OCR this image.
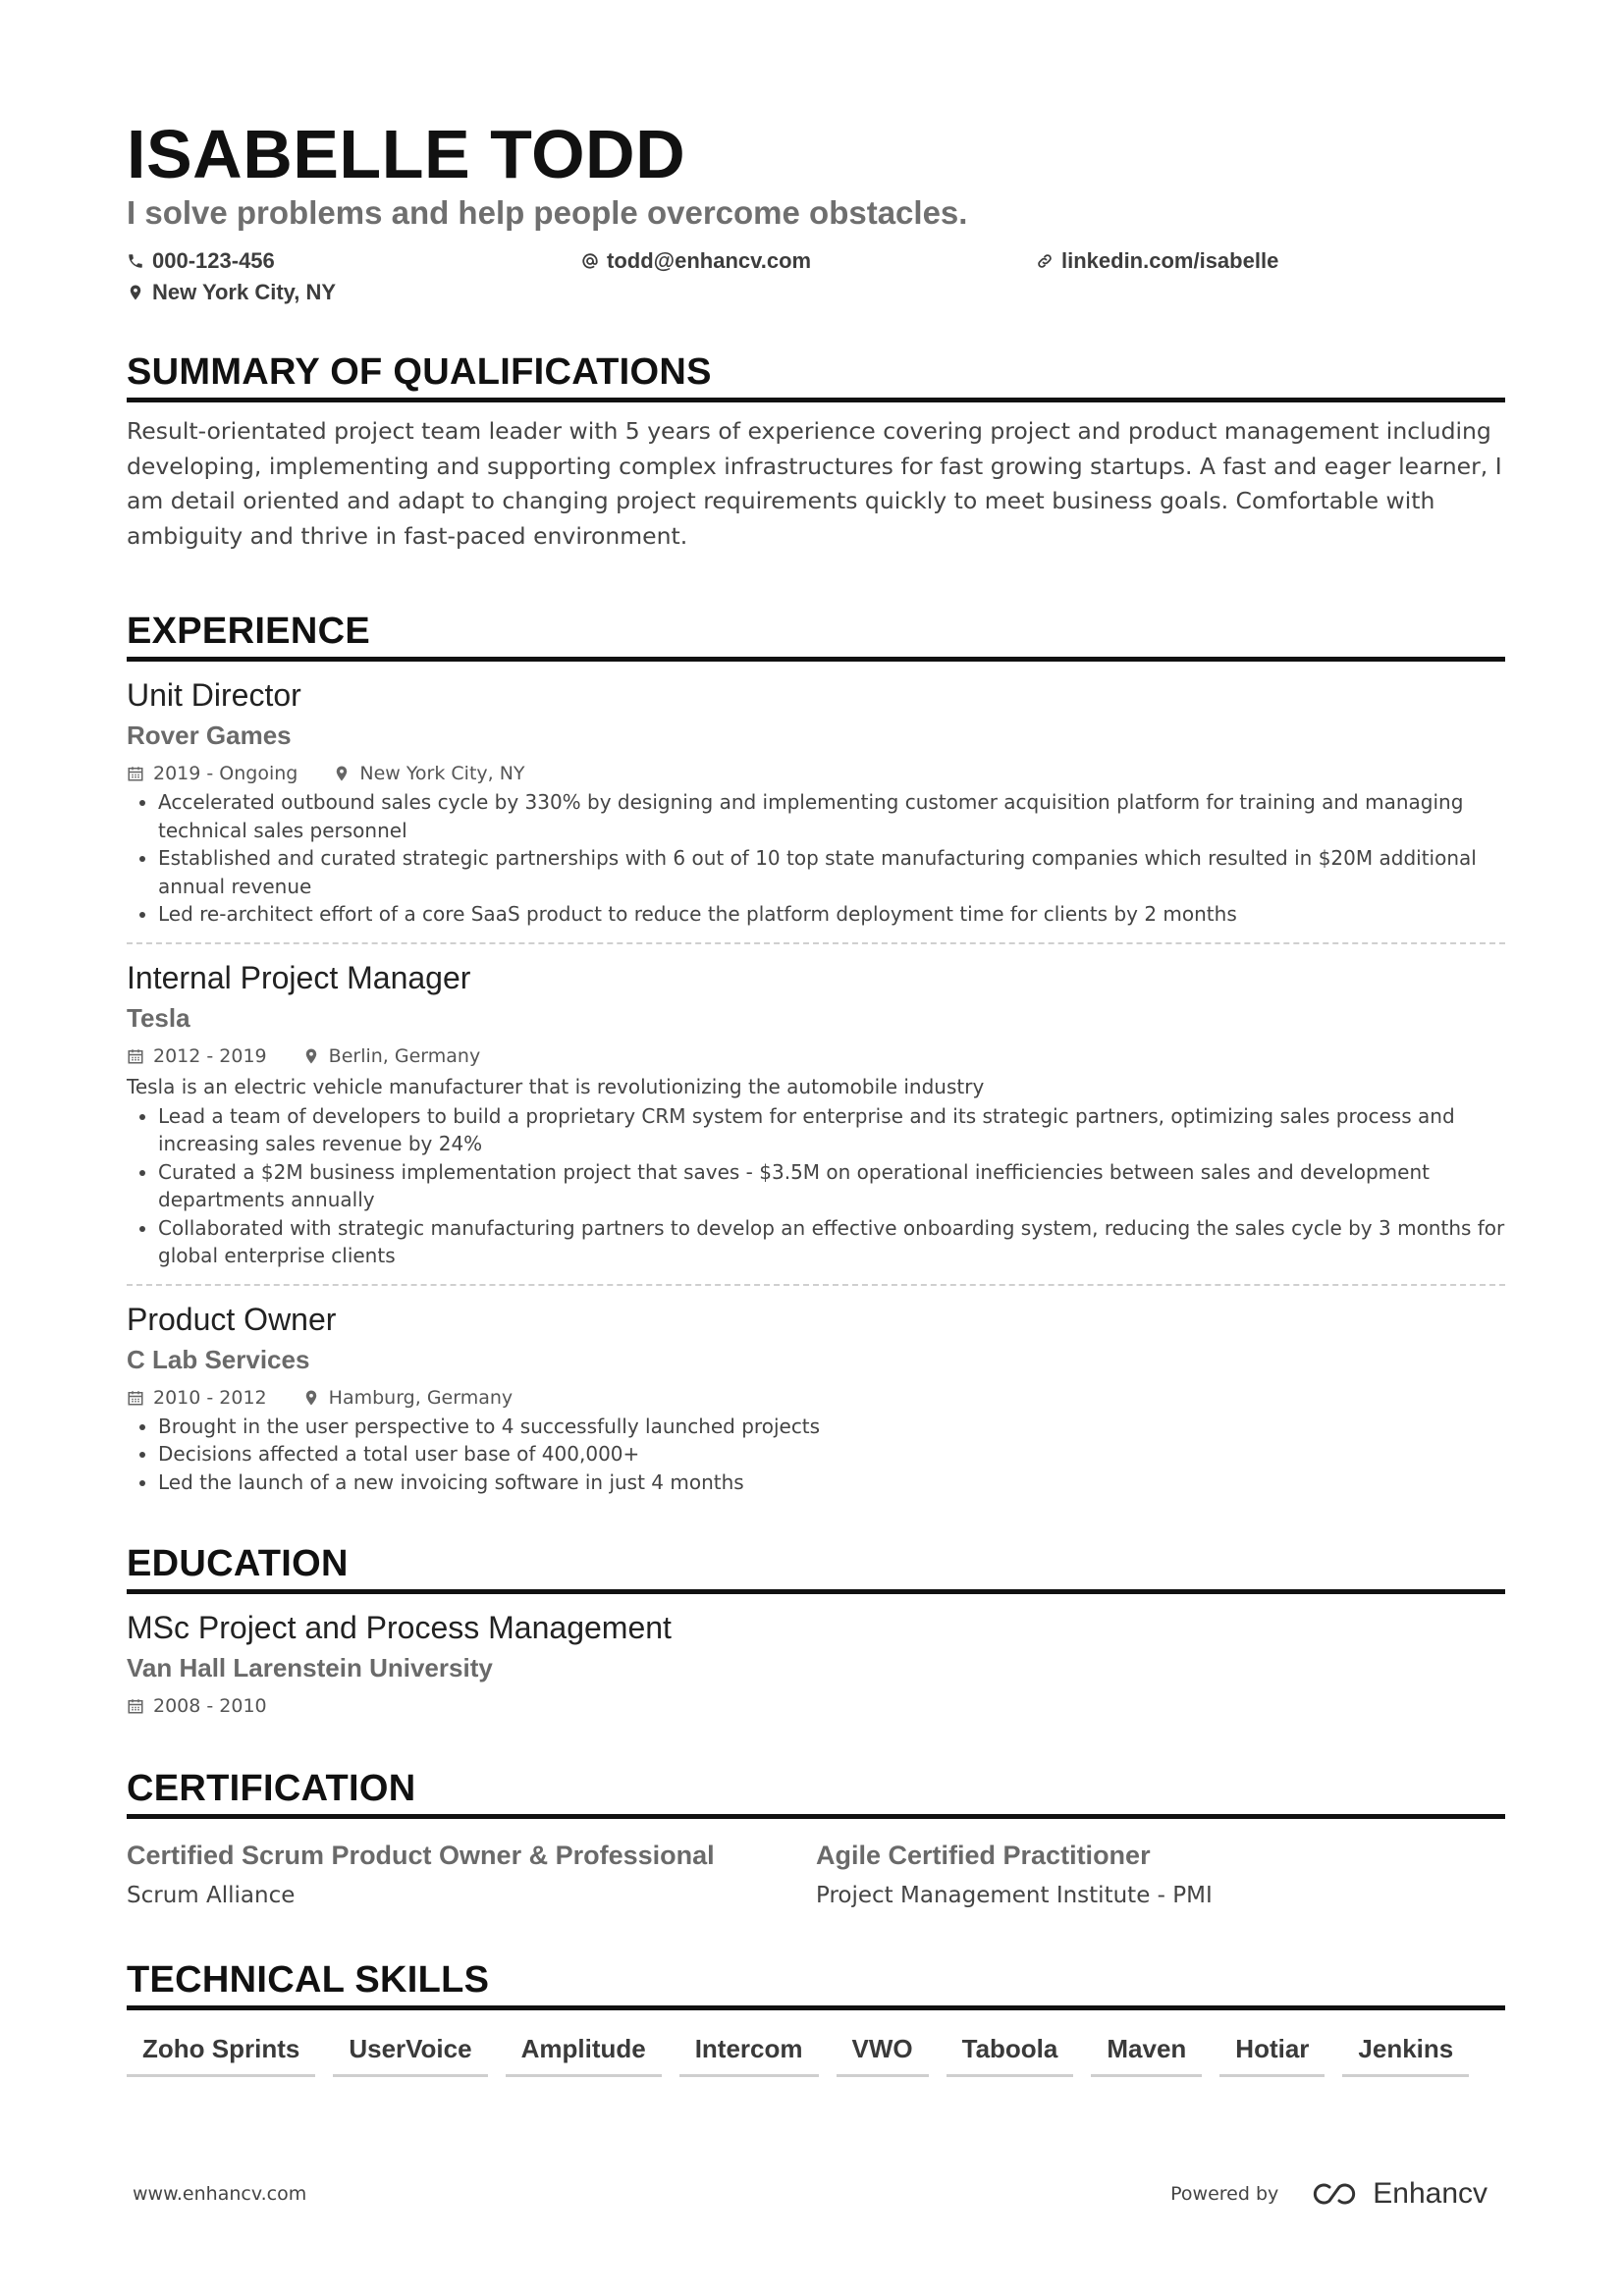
ISABELLE TODD
I solve problems and help people overcome obstacles.
000-123-456	todd@enhancv.com	linkedin.com/isabelle
New York City, NY
SUMMARY OF QUALIFICATIONS
Result-orientated project team leader with 5 years of experience covering project and product management including developing, implementing and supporting complex infrastructures for fast growing startups. A fast and eager learner, I am detail oriented and adapt to changing project requirements quickly to meet business goals. Comfortable with ambiguity and thrive in fast-paced environment.
EXPERIENCE
Unit Director
Rover Games
2019 - Ongoing	New York City, NY
• Accelerated outbound sales cycle by 330% by designing and implementing customer acquisition platform for training and managing technical sales personnel
• Established and curated strategic partnerships with 6 out of 10 top state manufacturing companies which resulted in $20M additional annual revenue
• Led re-architect effort of a core SaaS product to reduce the platform deployment time for clients by 2 months
Internal Project Manager
Tesla
2012 - 2019	Berlin, Germany
Tesla is an electric vehicle manufacturer that is revolutionizing the automobile industry
• Lead a team of developers to build a proprietary CRM system for enterprise and its strategic partners, optimizing sales process and increasing sales revenue by 24%
• Curated a $2M business implementation project that saves - $3.5M on operational inefficiencies between sales and development departments annually
• Collaborated with strategic manufacturing partners to develop an effective onboarding system, reducing the sales cycle by 3 months for global enterprise clients
Product Owner
C Lab Services
2010 - 2012	Hamburg, Germany
• Brought in the user perspective to 4 successfully launched projects
• Decisions affected a total user base of 400,000+
• Led the launch of a new invoicing software in just 4 months
EDUCATION
MSc Project and Process Management
Van Hall Larenstein University
2008 - 2010
CERTIFICATION
Certified Scrum Product Owner & Professional
Scrum Alliance
Agile Certified Practitioner
Project Management Institute - PMI
TECHNICAL SKILLS
Zoho Sprints	UserVoice	Amplitude	Intercom	VWO	Taboola	Maven	Hotiar	Jenkins
www.enhancv.com	Powered by	Enhancv
